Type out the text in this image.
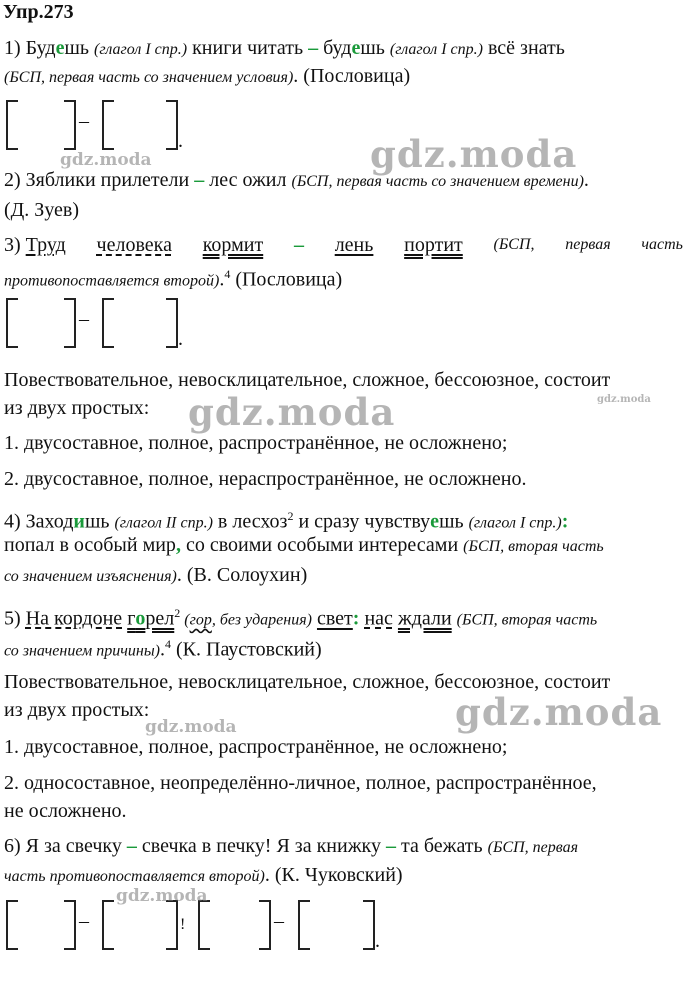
Упр.273
1) Будешь (глагол I спр.) книги читать – будешь (глагол I спр.) всё знать
(БСП, первая часть со значением условия). (Пословица)
–
.
2) Зяблики прилетели – лес ожил (БСП, первая часть со значением времени).
(Д. Зуев)
3) Труд человека кормит – лень портит (БСП, первая часть
противопоставляется второй).$^4$ (Пословица)
–
.
Повествовательное, невосклицательное, сложное, бессоюзное, состоит
из двух простых:
1. двусоставное, полное, распространённое, не осложнено;
2. двусоставное, полное, нераспространённое, не осложнено.
4) Заходишь (глагол II спр.) в лесхоз$^2$ и сразу чувствуешь (глагол I спр.):
попал в особый мир, со своими особыми интересами (БСП, вторая часть
со значением изъяснения). (В. Солоухин)
5) На кордоне горел$^2$ (гор, без ударения) свет: нас ждали (БСП, вторая часть
со значением причины).$^4$ (К. Паустовский)
Повествовательное, невосклицательное, сложное, бессоюзное, состоит
из двух простых:
1. двусоставное, полное, распространённое, не осложнено;
2. односоставное, неопределённо-личное, полное, распространённое,
не осложнено.
6) Я за свечку – свечка в печку! Я за книжку – та бежать (БСП, первая
часть противопоставляется второй). (К. Чуковский)
–	!	–
.
gdz.moda	gdz.moda
gdz.moda	gdz.moda
gdz.moda
gdz.moda
gdz.moda
